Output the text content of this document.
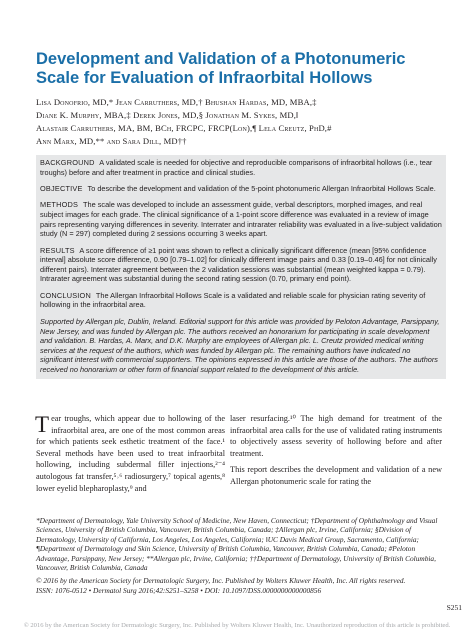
Development and Validation of a Photonumeric Scale for Evaluation of Infraorbital Hollows
Lisa Donofrio, MD,* Jean Carruthers, MD,† Bhushan Hardas, MD, MBA,‡
Diane K. Murphy, MBA,‡ Derek Jones, MD,§ Jonathan M. Sykes, MD,‖
Alastair Carruthers, MA, BM, BCh, FRCPC, FRCP(Lon),¶ Lela Creutz, PhD,#
Ann Marx, MD,** and Sara Dill, MD††

BACKGROUND A validated scale is needed for objective and reproducible comparisons of infraorbital hollows (i.e., tear troughs) before and after treatment in practice and clinical studies.

OBJECTIVE To describe the development and validation of the 5-point photonumeric Allergan Infraorbital Hollows Scale.

METHODS The scale was developed to include an assessment guide, verbal descriptors, morphed images, and real subject images for each grade. The clinical significance of a 1-point score difference was evaluated in a review of image pairs representing varying differences in severity. Interrater and intrarater reliability was evaluated in a live-subject validation study (N = 297) completed during 2 sessions occurring 3 weeks apart.

RESULTS A score difference of ≥1 point was shown to reflect a clinically significant difference (mean [95% confidence interval] absolute score difference, 0.90 [0.79–1.02] for clinically different image pairs and 0.33 [0.19–0.46] for not clinically different pairs). Interrater agreement between the 2 validation sessions was substantial (mean weighted kappa = 0.79). Intrarater agreement was substantial during the second rating session (0.70, primary end point).

CONCLUSION The Allergan Infraorbital Hollows Scale is a validated and reliable scale for physician rating severity of hollowing in the infraorbital area.

Supported by Allergan plc, Dublin, Ireland. Editorial support for this article was provided by Peloton Advantage, Parsippany, New Jersey, and was funded by Allergan plc. The authors received an honorarium for participating in scale development and validation. B. Hardas, A. Marx, and D.K. Murphy are employees of Allergan plc. L. Creutz provided medical writing services at the request of the authors, which was funded by Allergan plc. The remaining authors have indicated no significant interest with commercial supporters. The opinions expressed in this article are those of the authors. The authors received no honorarium or other form of financial support related to the development of this article.

Tear troughs, which appear due to hollowing of the infraorbital area, are one of the most common areas for which patients seek esthetic treatment of the face.¹ Several methods have been used to treat infraorbital hollowing, including subdermal filler injections,²⁻⁴ autologous fat transfer,⁵˒⁶ radiosurgery,⁷ topical agents,⁸ lower eyelid blepharoplasty,⁹ and

laser resurfacing.¹⁰ The high demand for treatment of the infraorbital area calls for the use of validated rating instruments to objectively assess severity of hollowing before and after treatment.

This report describes the development and validation of a new Allergan photonumeric scale for rating the

*Department of Dermatology, Yale University School of Medicine, New Haven, Connecticut; †Department of Ophthalmology and Visual Sciences, University of British Columbia, Vancouver, British Columbia, Canada; ‡Allergan plc, Irvine, California; §Division of Dermatology, University of California, Los Angeles, Los Angeles, California; ‖UC Davis Medical Group, Sacramento, California; ¶Department of Dermatology and Skin Science, University of British Columbia, Vancouver, British Columbia, Canada; #Peloton Advantage, Parsippany, New Jersey; **Allergan plc, Irvine, California; ††Department of Dermatology, University of British Columbia, Vancouver, British Columbia, Canada

© 2016 by the American Society for Dermatologic Surgery, Inc. Published by Wolters Kluwer Health, Inc. All rights reserved.

ISSN: 1076-0512 • Dermatol Surg 2016;42:S251–S258 • DOI: 10.1097/DSS.0000000000000856

S251
© 2016 by the American Society for Dermatologic Surgery, Inc. Published by Wolters Kluwer Health, Inc. Unauthorized reproduction of this article is prohibited.
